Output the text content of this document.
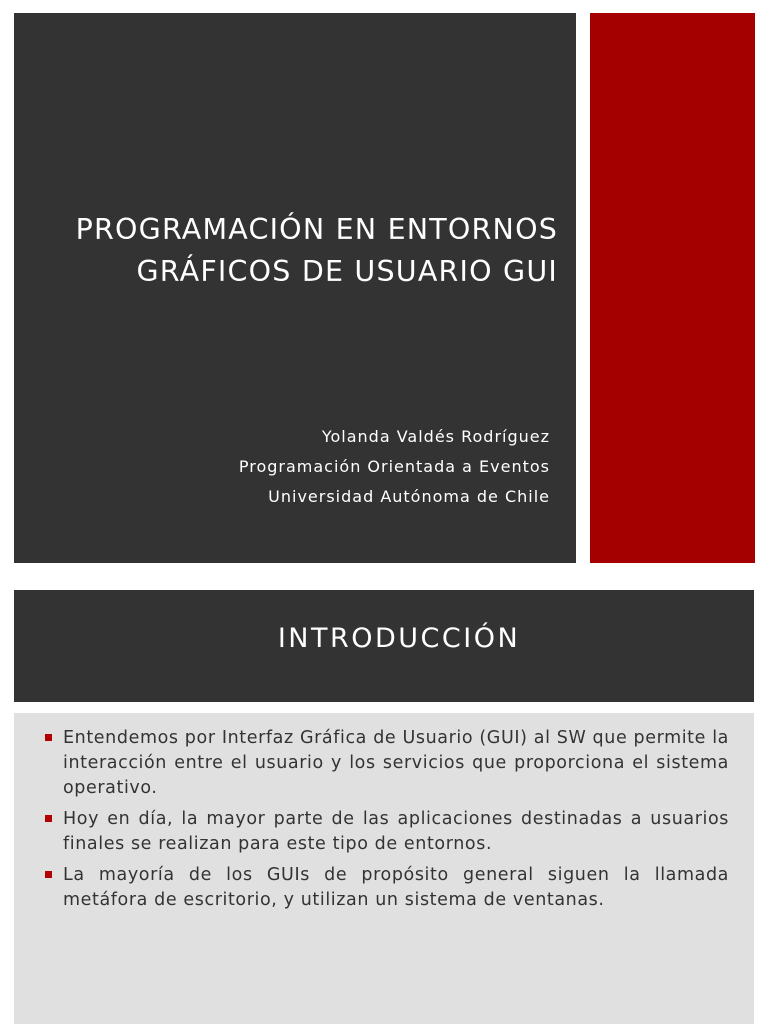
PROGRAMACIÓN EN ENTORNOS
GRÁFICOS DE USUARIO GUI
Yolanda Valdés Rodríguez
Programación Orientada a Eventos
Universidad Autónoma de Chile
INTRODUCCIÓN
Entendemos por Interfaz Gráfica de Usuario (GUI) al SW que permite la interacción entre el usuario y los servicios que proporciona el sistema operativo.
Hoy en día, la mayor parte de las aplicaciones destinadas a usuarios finales se realizan para este tipo de entornos.
La mayoría de los GUIs de propósito general siguen la llamada metáfora de escritorio, y utilizan un sistema de ventanas.
